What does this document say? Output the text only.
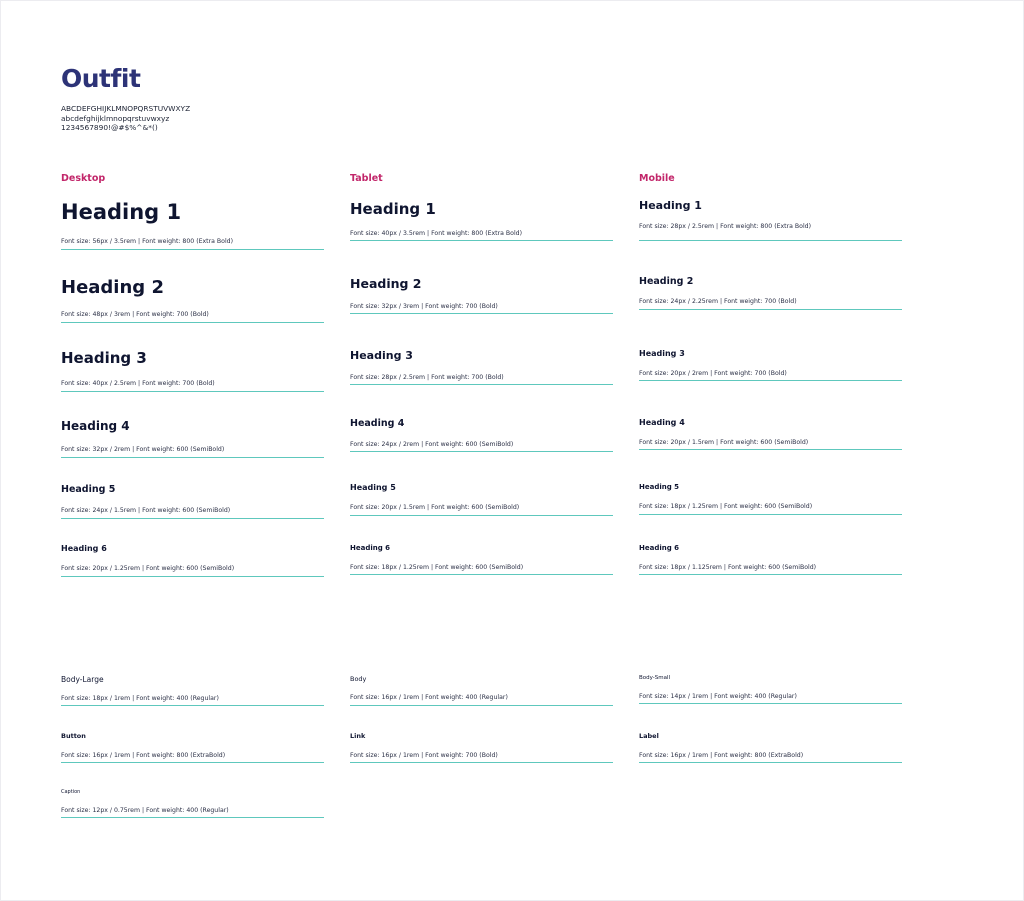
Outfit
ABCDEFGHIJKLMNOPQRSTUVWXYZ
abcdefghijklmnopqrstuvwxyz
1234567890!@#$%^&*()
Desktop
Heading 1
Font size: 56px / 3.5rem | Font weight: 800 (Extra Bold)
Heading 2
Font size: 48px / 3rem | Font weight: 700 (Bold)
Heading 3
Font size: 40px / 2.5rem | Font weight: 700 (Bold)
Heading 4
Font size: 32px / 2rem | Font weight: 600 (SemiBold)
Heading 5
Font size: 24px / 1.5rem | Font weight: 600 (SemiBold)
Heading 6
Font size: 20px / 1.25rem | Font weight: 600 (SemiBold)
Body-Large
Font size: 18px / 1rem | Font weight: 400 (Regular)
Button
Font size: 16px / 1rem | Font weight: 800 (ExtraBold)
Caption
Font size: 12px / 0.75rem | Font weight: 400 (Regular)
Tablet
Heading 1
Font size: 40px / 3.5rem | Font weight: 800 (Extra Bold)
Heading 2
Font size: 32px / 3rem | Font weight: 700 (Bold)
Heading 3
Font size: 28px / 2.5rem | Font weight: 700 (Bold)
Heading 4
Font size: 24px / 2rem | Font weight: 600 (SemiBold)
Heading 5
Font size: 20px / 1.5rem | Font weight: 600 (SemiBold)
Heading 6
Font size: 18px / 1.25rem | Font weight: 600 (SemiBold)
Body
Font size: 16px / 1rem | Font weight: 400 (Regular)
Link
Font size: 16px / 1rem | Font weight: 700 (Bold)
Mobile
Heading 1
Font size: 28px / 2.5rem | Font weight: 800 (Extra Bold)
Heading 2
Font size: 24px / 2.25rem | Font weight: 700 (Bold)
Heading 3
Font size: 20px / 2rem | Font weight: 700 (Bold)
Heading 4
Font size: 20px / 1.5rem | Font weight: 600 (SemiBold)
Heading 5
Font size: 18px / 1.25rem | Font weight: 600 (SemiBold)
Heading 6
Font size: 18px / 1.125rem | Font weight: 600 (SemiBold)
Body-Small
Font size: 14px / 1rem | Font weight: 400 (Regular)
Label
Font size: 16px / 1rem | Font weight: 800 (ExtraBold)
